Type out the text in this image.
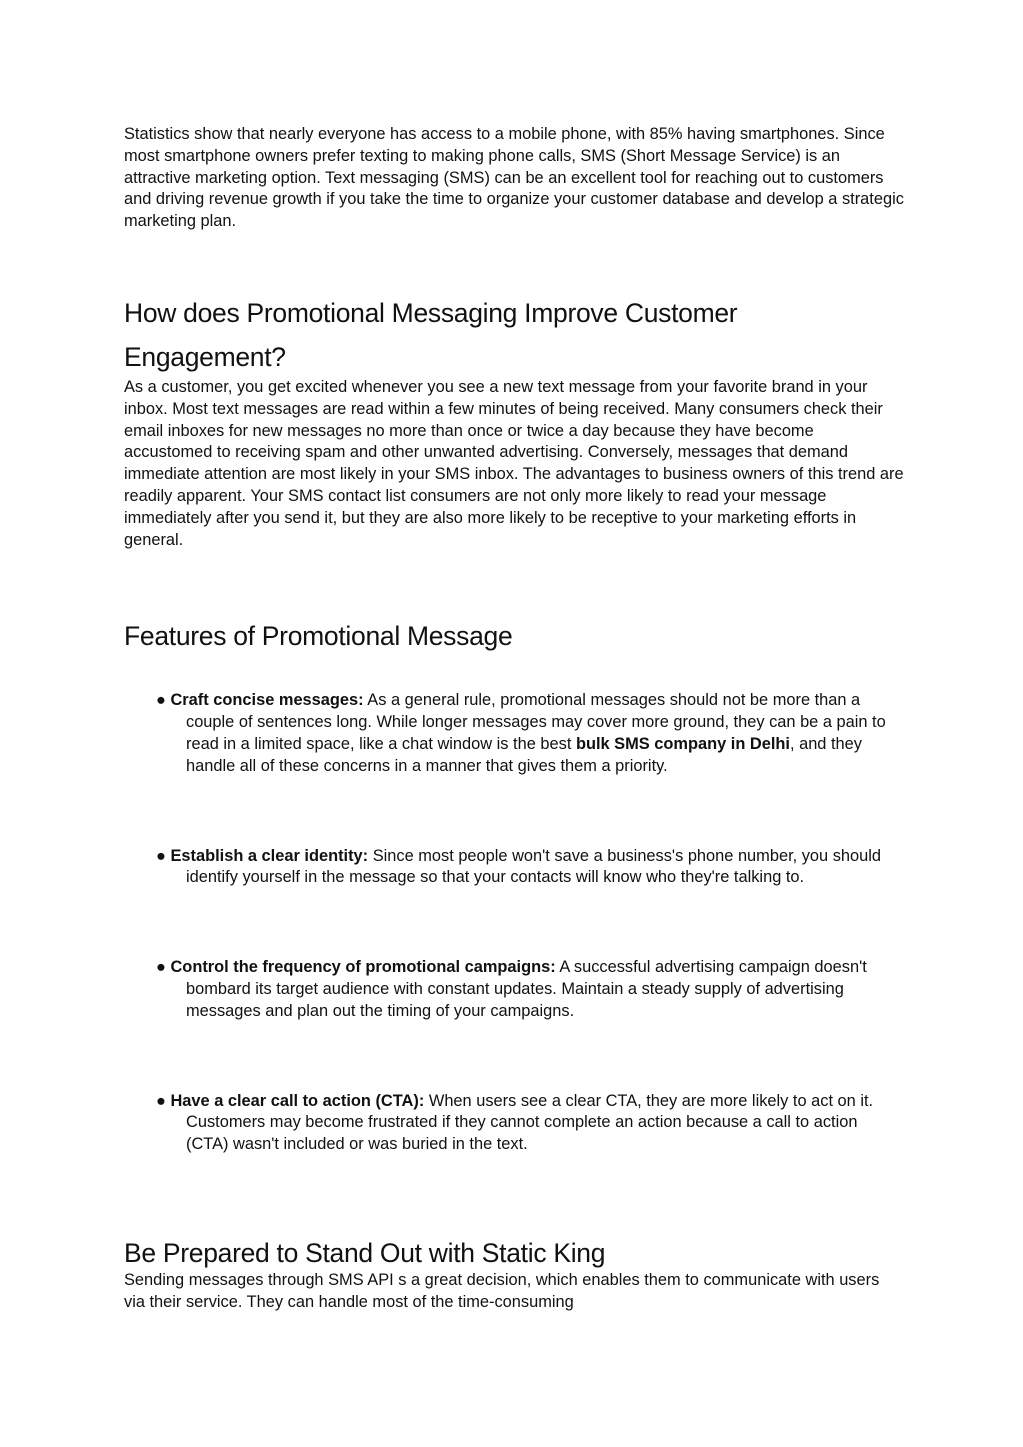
Statistics show that nearly everyone has access to a mobile phone, with 85% having smartphones. Since most smartphone owners prefer texting to making phone calls, SMS (Short Message Service) is an attractive marketing option. Text messaging (SMS) can be an excellent tool for reaching out to customers and driving revenue growth if you take the time to organize your customer database and develop a strategic marketing plan.

How does Promotional Messaging Improve Customer Engagement?

As a customer, you get excited whenever you see a new text message from your favorite brand in your inbox. Most text messages are read within a few minutes of being received. Many consumers check their email inboxes for new messages no more than once or twice a day because they have become accustomed to receiving spam and other unwanted advertising. Conversely, messages that demand immediate attention are most likely in your SMS inbox. The advantages to business owners of this trend are readily apparent. Your SMS contact list consumers are not only more likely to read your message immediately after you send it, but they are also more likely to be receptive to your marketing efforts in general.

Features of Promotional Message
● Craft concise messages: As a general rule, promotional messages should not be more than a couple of sentences long. While longer messages may cover more ground, they can be a pain to read in a limited space, like a chat window is the best bulk SMS company in Delhi, and they handle all of these concerns in a manner that gives them a priority.
● Establish a clear identity: Since most people won't save a business's phone number, you should identify yourself in the message so that your contacts will know who they're talking to.
● Control the frequency of promotional campaigns: A successful advertising campaign doesn't bombard its target audience with constant updates. Maintain a steady supply of advertising messages and plan out the timing of your campaigns.
● Have a clear call to action (CTA): When users see a clear CTA, they are more likely to act on it. Customers may become frustrated if they cannot complete an action because a call to action (CTA) wasn't included or was buried in the text.
Be Prepared to Stand Out with Static King

Sending messages through SMS API s a great decision, which enables them to communicate with users via their service. They can handle most of the time-consuming
